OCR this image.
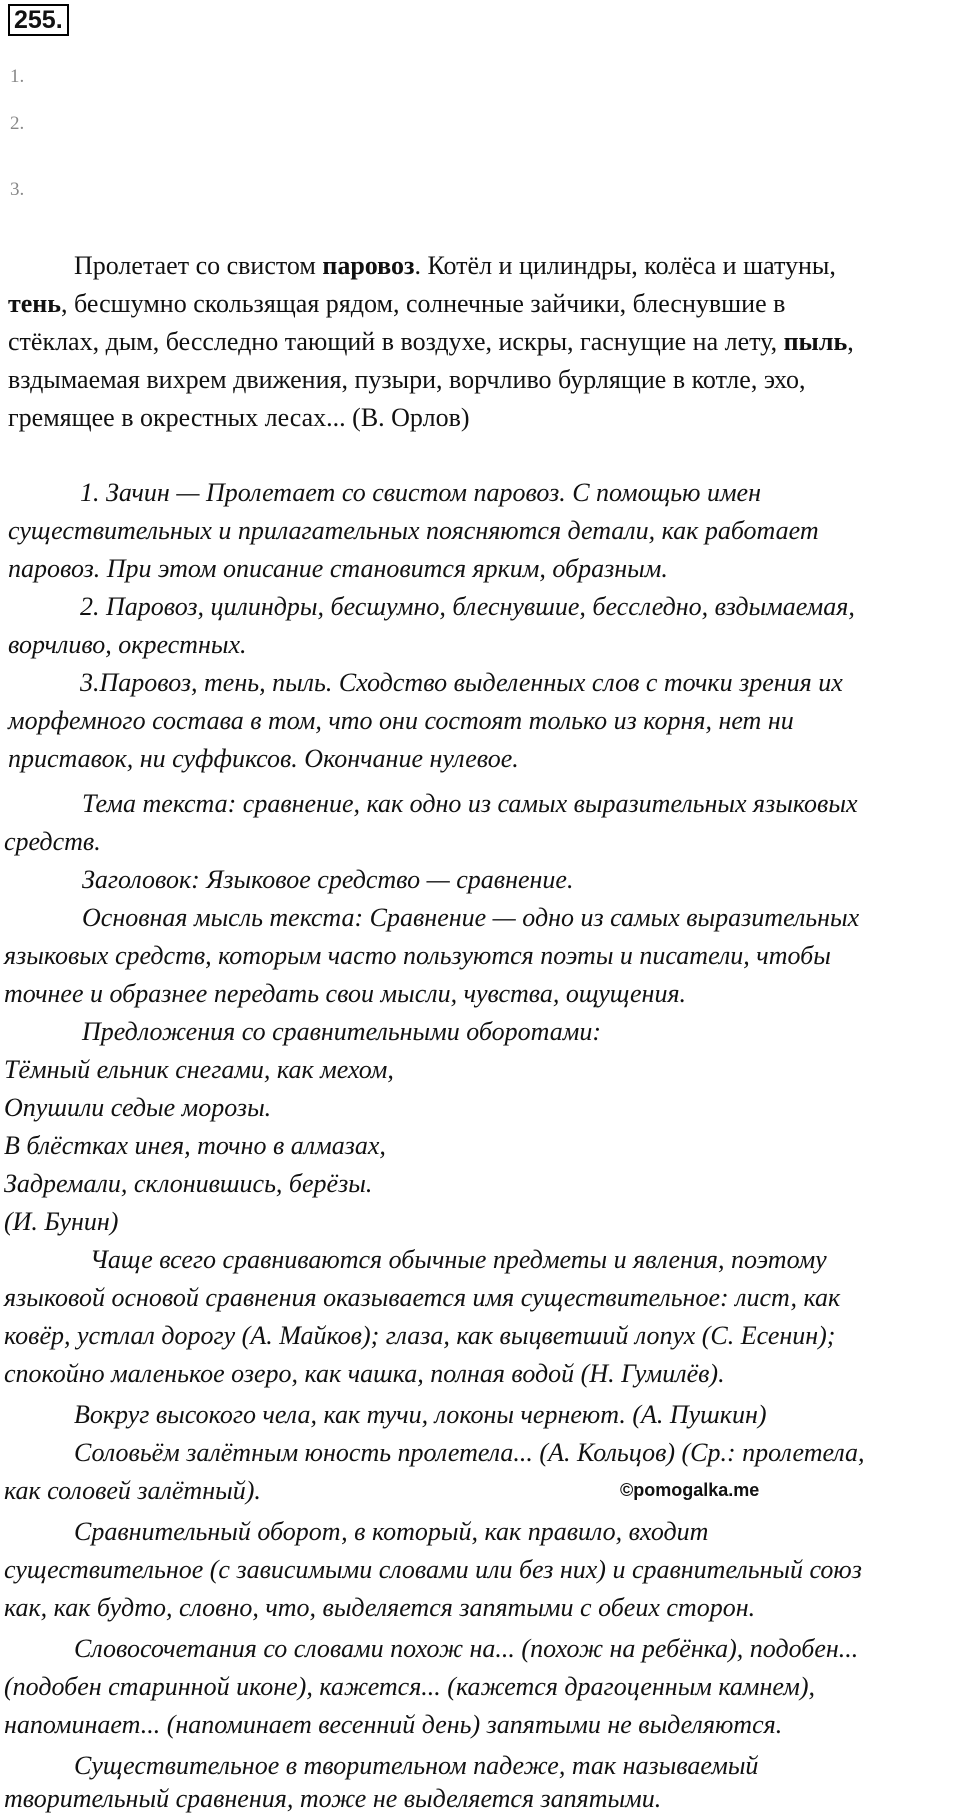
255.
1.
2.
3.
Пролетает со свистом паровоз. Котёл и цилиндры, колёса и шатуны,
тень, бесшумно скользящая рядом, солнечные зайчики, блеснувшие в
стёклах, дым, бесследно тающий в воздухе, искры, гаснущие на лету, пыль,
вздымаемая вихрем движения, пузыри, ворчливо бурлящие в котле, эхо,
гремящее в окрестных лесах... (В. Орлов)
1. Зачин — Пролетает со свистом паровоз. С помощью имен
существительных и прилагательных поясняются детали, как работает
паровоз. При этом описание становится ярким, образным.
2. Паровоз, цилиндры, бесшумно, блеснувшие, бесследно, вздымаемая,
ворчливо, окрестных.
3.Паровоз, тень, пыль. Сходство выделенных слов с точки зрения их
морфемного состава в том, что они состоят только из корня, нет ни
приставок, ни суффиксов. Окончание нулевое.
Тема текста: сравнение, как одно из самых выразительных языковых
средств.
Заголовок: Языковое средство — сравнение.
Основная мысль текста: Сравнение — одно из самых выразительных
языковых средств, которым часто пользуются поэты и писатели, чтобы
точнее и образнее передать свои мысли, чувства, ощущения.
Предложения со сравнительными оборотами:
Тёмный ельник снегами, как мехом,
Опушили седые морозы.
В блёстках инея, точно в алмазах,
Задремали, склонившись, берёзы.
(И. Бунин)
Чаще всего сравниваются обычные предметы и явления, поэтому
языковой основой сравнения оказывается имя существительное: лист, как
ковёр, устлал дорогу (А. Майков); глаза, как выцветший лопух (С. Есенин);
спокойно маленькое озеро, как чашка, полная водой (Н. Гумилёв).
Вокруг высокого чела, как тучи, локоны чернеют. (А. Пушкин)
Соловьём залётным юность пролетела... (А. Кольцов) (Ср.: пролетела,
как соловей залётный).	©pomogalka.me
Сравнительный оборот, в который, как правило, входит
существительное (с зависимыми словами или без них) и сравнительный союз
как, как будто, словно, что, выделяется запятыми с обеих сторон.
Словосочетания со словами похож на... (похож на ребёнка), подобен...
(подобен старинной иконе), кажется... (кажется драгоценным камнем),
напоминает... (напоминает весенний день) запятыми не выделяются.
Существительное в творительном падеже, так называемый
творительный сравнения, тоже не выделяется запятыми.
